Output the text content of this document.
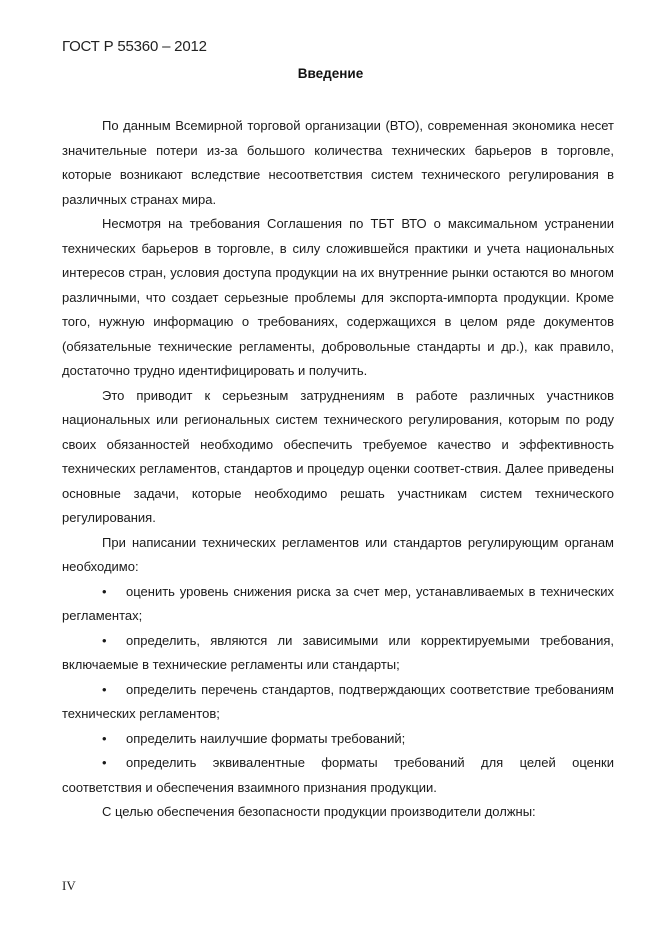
ГОСТ Р 55360 – 2012
Введение

По данным Всемирной торговой организации (ВТО), современная экономика несет значительные потери из-за большого количества технических барьеров в торговле, которые возникают вследствие несоответствия систем технического регулирования в различных странах мира.

Несмотря на требования Соглашения по ТБТ ВТО о максимальном устранении технических барьеров в торговле, в силу сложившейся практики и учета национальных интересов стран, условия доступа продукции на их внутренние рынки остаются во многом различными, что создает серьезные проблемы для экспорта-импорта продукции. Кроме того, нужную информацию о требованиях, содержащихся в целом ряде документов (обязательные технические регламенты, добровольные стандарты и др.), как правило, достаточно трудно идентифицировать и получить.

Это приводит к серьезным затруднениям в работе различных участников национальных или региональных систем технического регулирования, которым по роду своих обязанностей необходимо обеспечить требуемое качество и эффективность технических регламентов, стандартов и процедур оценки соответ-ствия. Далее приведены основные задачи, которые необходимо решать участникам систем технического регулирования.

При написании технических регламентов или стандартов регулирующим органам необходимо:

• оценить уровень снижения риска за счет мер, устанавливаемых в технических регламентах;
• определить, являются ли зависимыми или корректируемыми требования, включаемые в технические регламенты или стандарты;
• определить перечень стандартов, подтверждающих соответствие требованиям технических регламентов;
• определить наилучшие форматы требований;
• определить эквивалентные форматы требований для целей оценки соответствия и обеспечения взаимного признания продукции.

С целью обеспечения безопасности продукции производители должны:

IV
